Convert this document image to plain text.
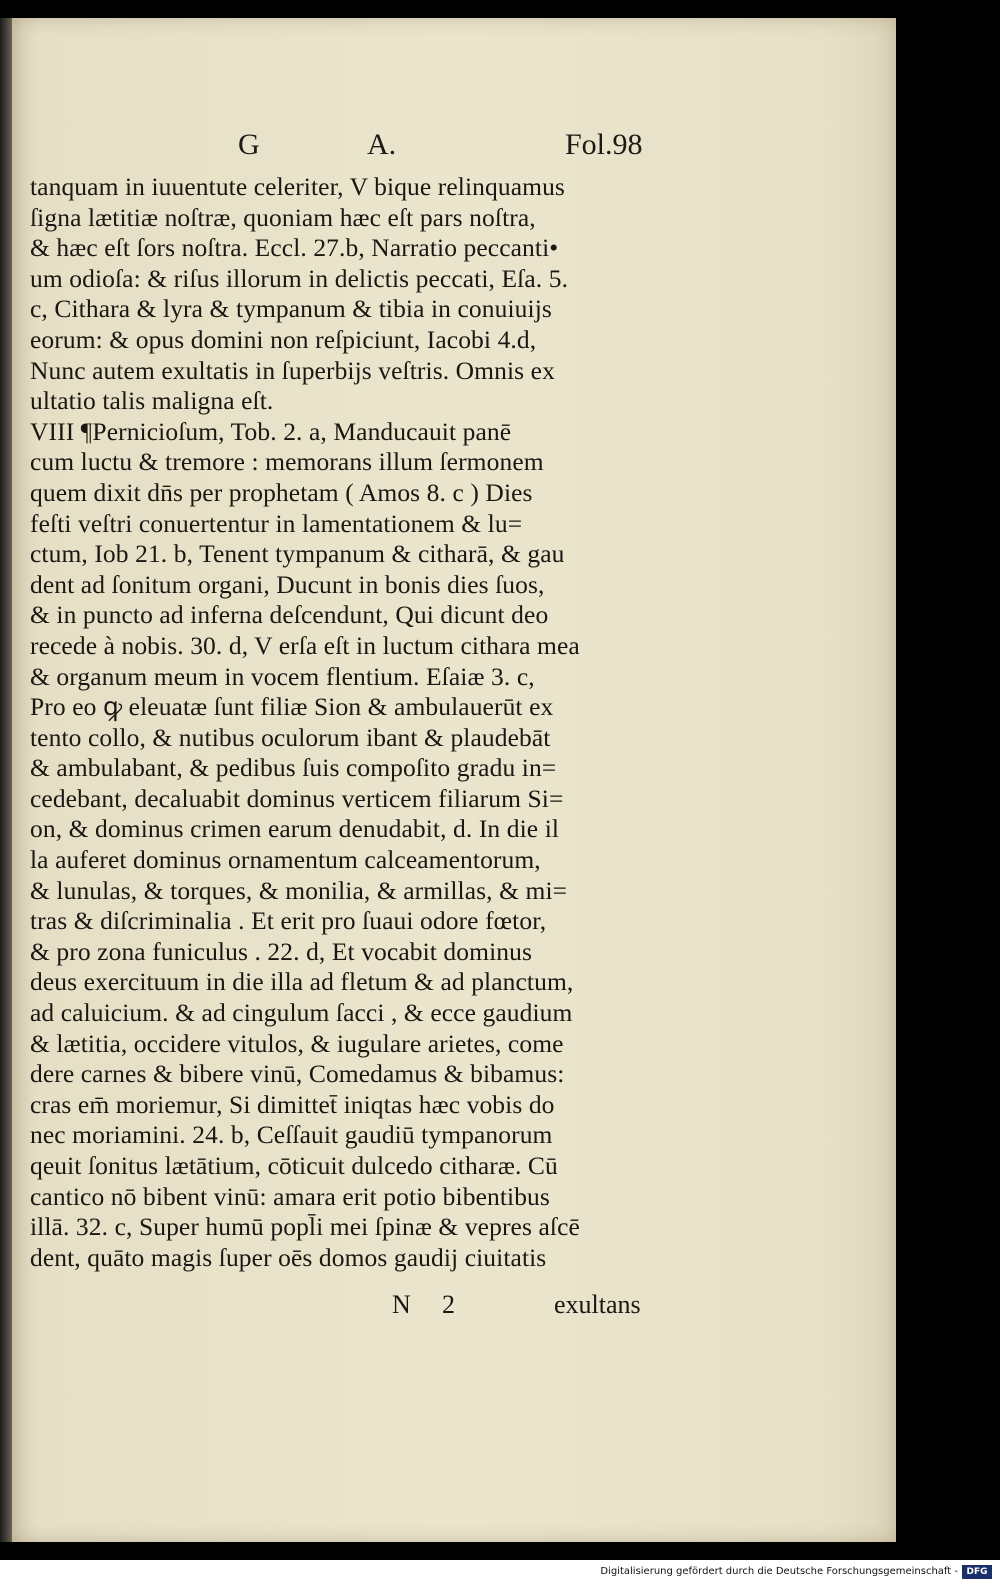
G	A.	Fol.98
tanquam in iuuentute celeriter, V bique relinquamus
ſigna lætitiæ noſtræ, quoniam hæc eſt pars noſtra,
& hæc eſt ſors noſtra. Eccl. 27.b, Narratio peccanti•
um odioſa: & riſus illorum in delictis peccati, Eſa. 5.
c, Cithara & lyra & tympanum & tibia in conuiuijs
eorum: & opus domini non reſpiciunt, Iacobi 4.d,
Nunc autem exultatis in ſuperbijs veſtris. Omnis ex
ultatio talis maligna eſt.
VIII ¶Pernicioſum, Tob. 2. a, Manducauit panē
cum luctu & tremore : memorans illum ſermonem
quem dixit dn̄s per prophetam ( Amos 8. c ) Dies
feſti veſtri conuertentur in lamentationem & lu=
ctum, Iob 21. b, Tenent tympanum & citharā, & gau
dent ad ſonitum organi, Ducunt in bonis dies ſuos,
& in puncto ad inferna deſcendunt, Qui dicunt deo
recede à nobis. 30. d, V erſa eſt in luctum cithara mea
& organum meum in vocem flentium. Eſaiæ 3. c,
Pro eo ꝙ eleuatæ ſunt filiæ Sion & ambulauerūt ex
tento collo, & nutibus oculorum ibant & plaudebāt
& ambulabant, & pedibus ſuis compoſito gradu in=
cedebant, decaluabit dominus verticem filiarum Si=
on, & dominus crimen earum denudabit, d. In die il
la auferet dominus ornamentum calceamentorum,
& lunulas, & torques, & monilia, & armillas, & mi=
tras & diſcriminalia . Et erit pro ſuaui odore fœtor,
& pro zona funiculus . 22. d, Et vocabit dominus
deus exercituum in die illa ad fletum & ad planctum,
ad caluicium. & ad cingulum ſacci , & ecce gaudium
& lætitia, occidere vitulos, & iugulare arietes, come
dere carnes & bibere vinū, Comedamus & bibamus:
cras em̄ moriemur, Si dimittet̄ iniqtas hæc vobis do
nec moriamini. 24. b, Ceſſauit gaudiū tympanorum
qeuit ſonitus lætātium, cōticuit dulcedo citharæ. Cū
cantico nō bibent vinū: amara erit potio bibentibus
illā. 32. c, Super humū popl̄i mei ſpinæ & vepres aſcē
dent, quāto magis ſuper oēs domos gaudij ciuitatis
N 2	exultans
Digitalisierung gefördert durch die Deutsche Forschungsgemeinschaft - DFG
